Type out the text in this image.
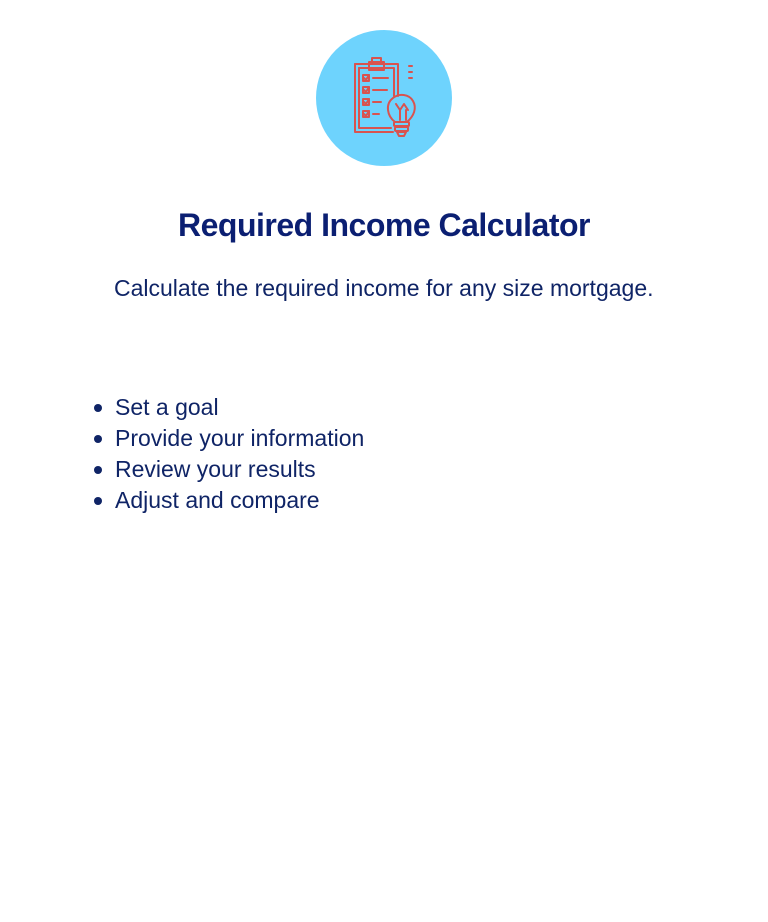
Required Income Calculator

Calculate the required income for any size mortgage.

Set a goal
Provide your information
Review your results
Adjust and compare
